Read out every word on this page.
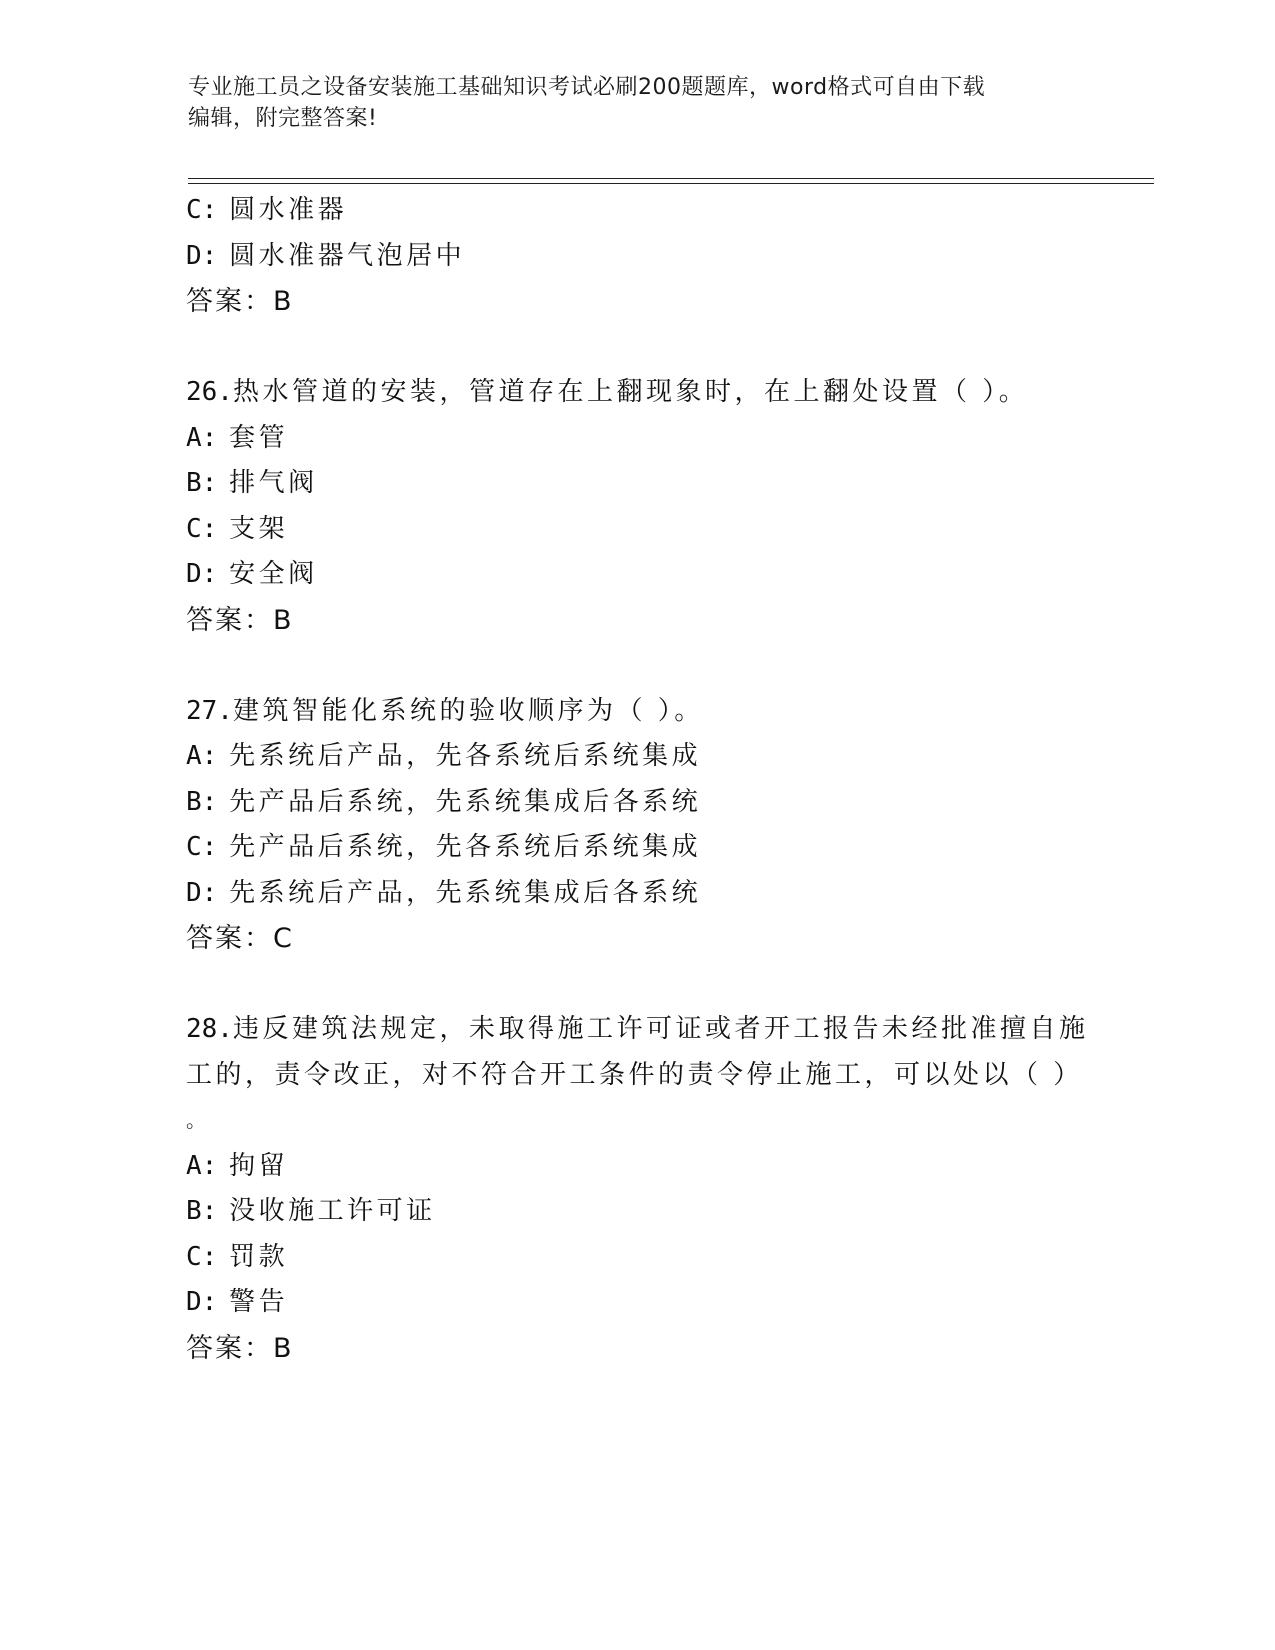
专业施工员之设备安装施工基础知识考试必刷200题题库，word格式可自由下载
编辑，附完整答案!
C: 圆水准器
D: 圆水准器气泡居中
答案：B
26.热水管道的安装，管道存在上翻现象时，在上翻处设置（ ）。
A: 套管
B: 排气阀
C: 支架
D: 安全阀
答案：B
27.建筑智能化系统的验收顺序为（ ）。
A: 先系统后产品，先各系统后系统集成
B: 先产品后系统，先系统集成后各系统
C: 先产品后系统，先各系统后系统集成
D: 先系统后产品，先系统集成后各系统
答案：C
28.违反建筑法规定，未取得施工许可证或者开工报告未经批准擅自施
工的，责令改正，对不符合开工条件的责令停止施工，可以处以（ ）
。
A: 拘留
B: 没收施工许可证
C: 罚款
D: 警告
答案：B
